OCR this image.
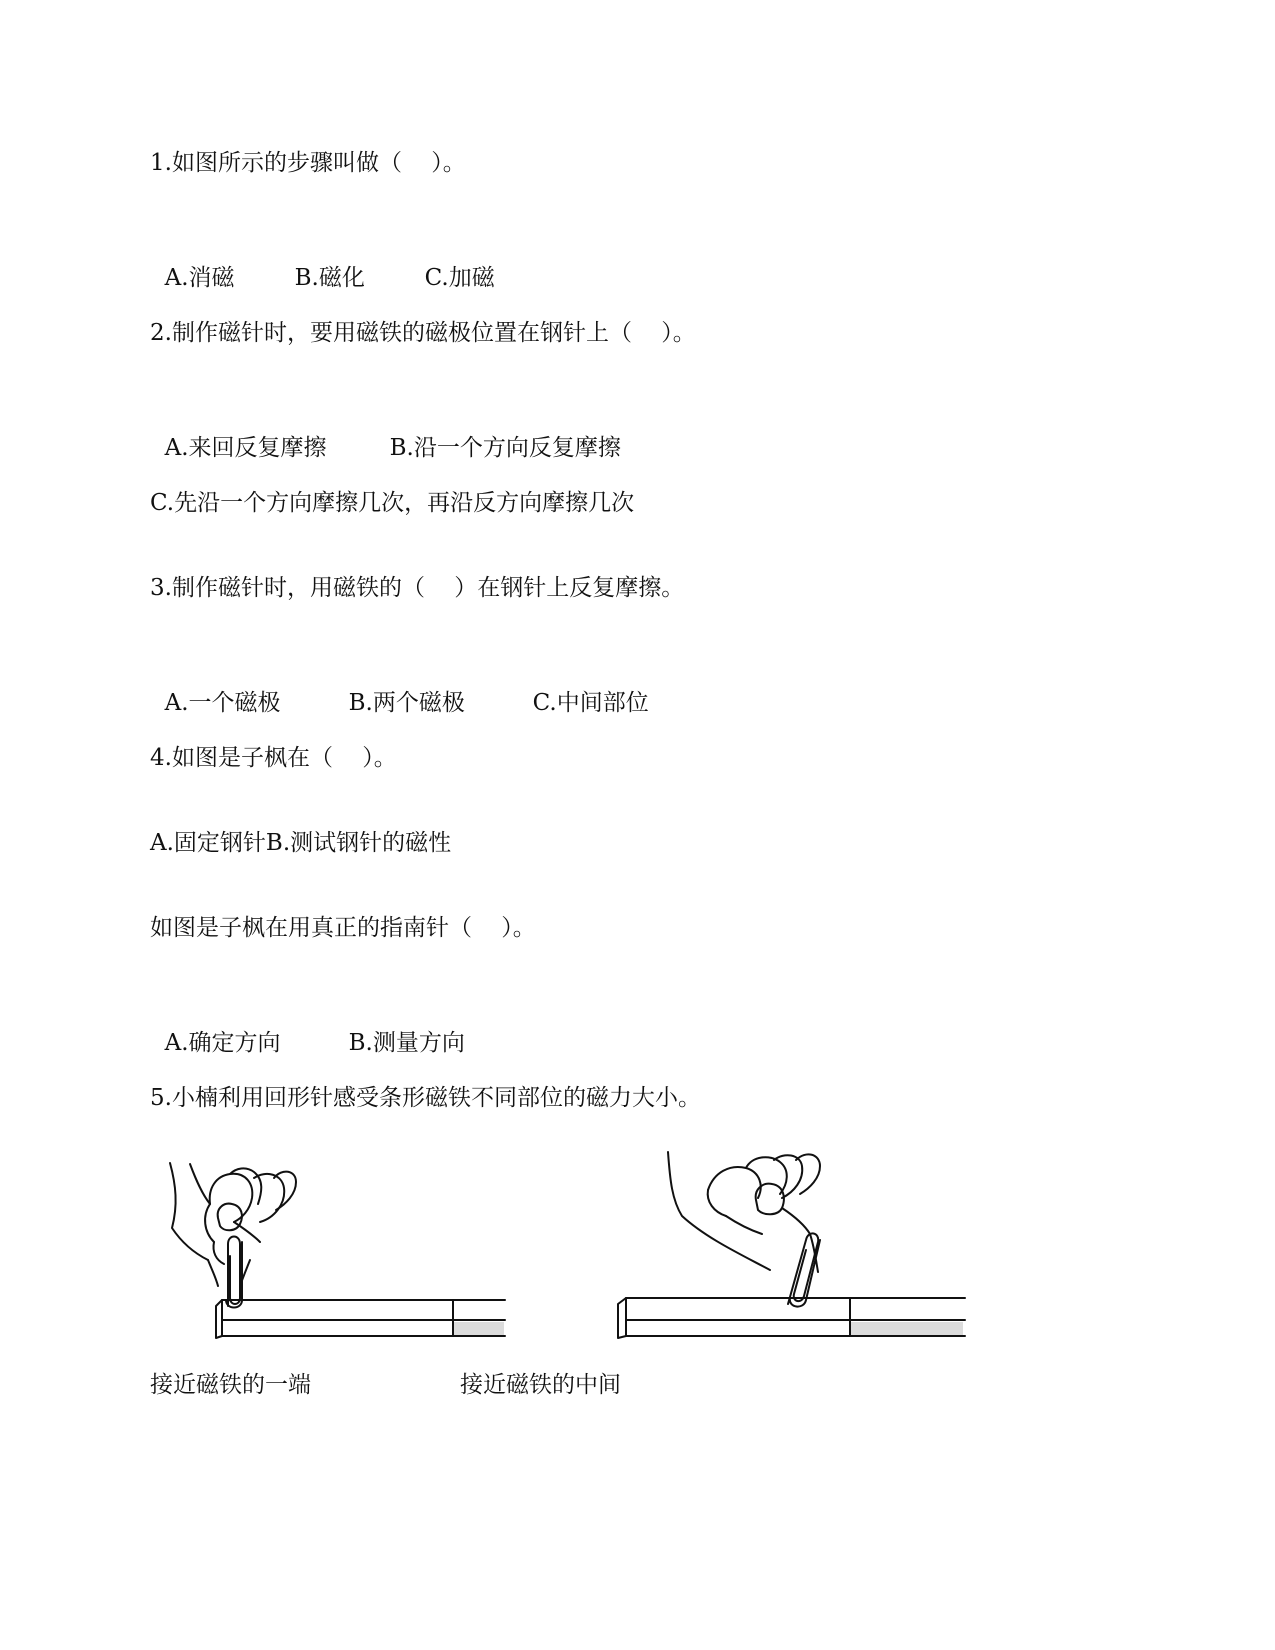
1.如图所示的步骤叫做（    ）。

A.消磁	B.磁化	C.加磁

2.制作磁针时，要用磁铁的磁极位置在钢针上（    ）。

A.来回反复摩擦	B.沿一个方向反复摩擦

C.先沿一个方向摩擦几次，再沿反方向摩擦几次

3.制作磁针时，用磁铁的（    ）在钢针上反复摩擦。

A.一个磁极	B.两个磁极	C.中间部位

4.如图是子枫在（    ）。

A.固定钢针B.测试钢针的磁性

如图是子枫在用真正的指南针（    ）。

A.确定方向	B.测量方向

5.小楠利用回形针感受条形磁铁不同部位的磁力大小。

接近磁铁的一端	接近磁铁的中间
